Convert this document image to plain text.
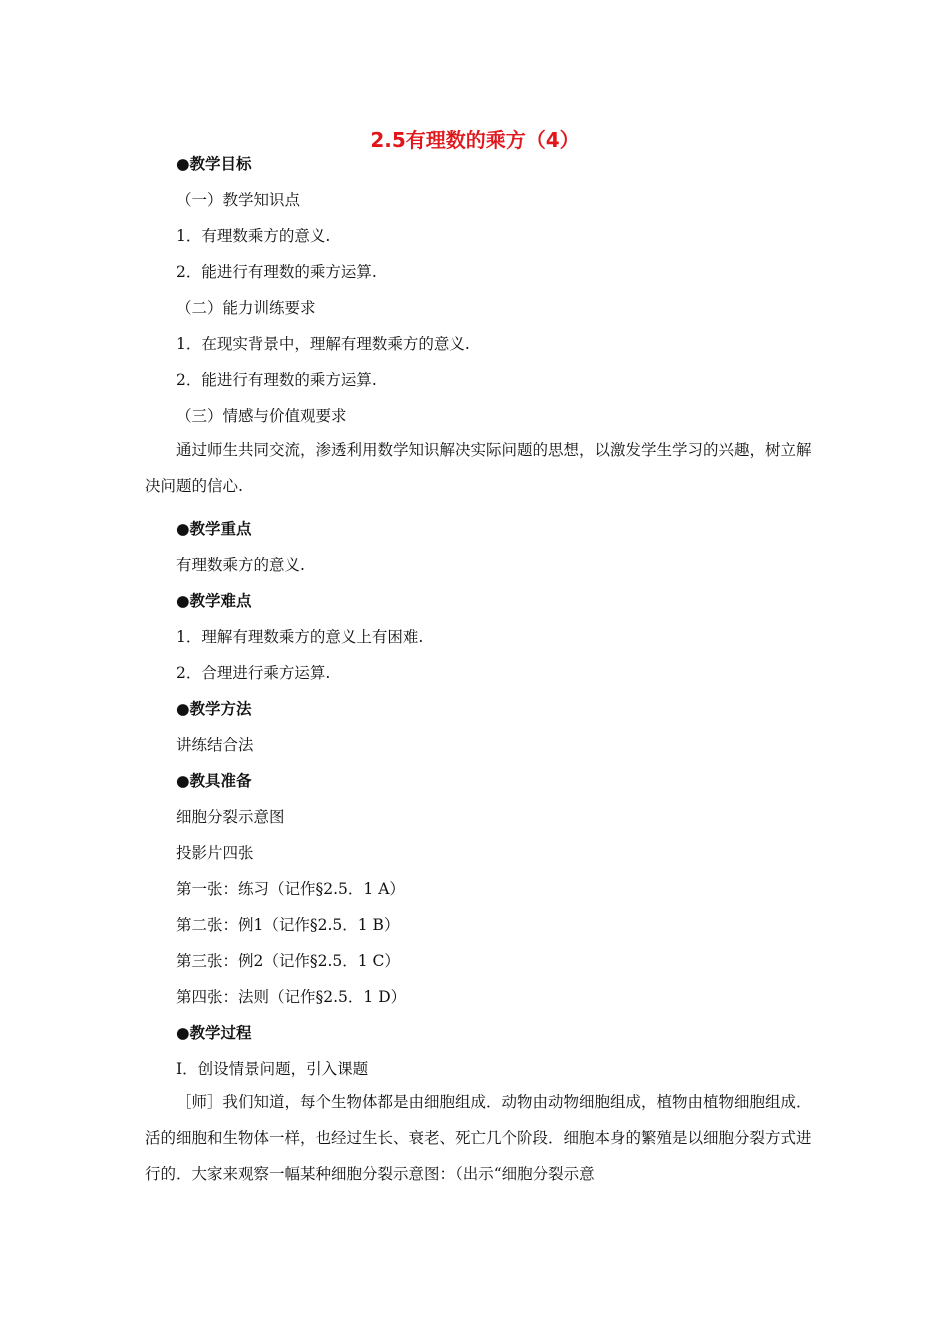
2.5有理数的乘方（4）
●教学目标
（一）教学知识点
1．有理数乘方的意义.
2．能进行有理数的乘方运算.
（二）能力训练要求
1．在现实背景中，理解有理数乘方的意义.
2．能进行有理数的乘方运算.
（三）情感与价值观要求
通过师生共同交流，渗透利用数学知识解决实际问题的思想，以激发学生学习的兴趣，树立解决问题的信心.
●教学重点
有理数乘方的意义.
●教学难点
1．理解有理数乘方的意义上有困难.
2．合理进行乘方运算.
●教学方法
讲练结合法
●教具准备
细胞分裂示意图
投影片四张
第一张：练习（记作§2.5．1 A）
第二张：例1（记作§2.5．1 B）
第三张：例2（记作§2.5．1 C）
第四张：法则（记作§2.5．1 D）
●教学过程
Ⅰ．创设情景问题，引入课题
［师］我们知道，每个生物体都是由细胞组成．动物由动物细胞组成，植物由植物细胞组成．活的细胞和生物体一样，也经过生长、衰老、死亡几个阶段．细胞本身的繁殖是以细胞分裂方式进行的．大家来观察一幅某种细胞分裂示意图：（出示“细胞分裂示意
